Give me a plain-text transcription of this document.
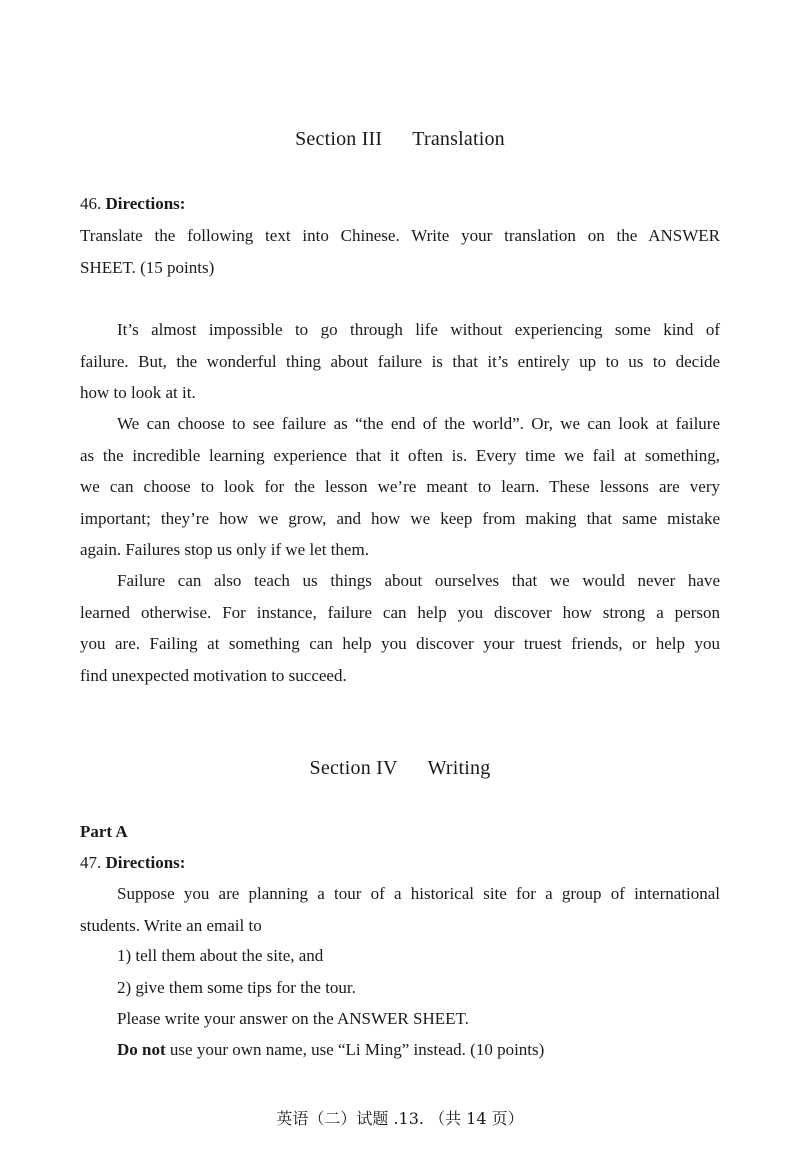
Section III Translation
46. Directions:
Translate the following text into Chinese. Write your translation on the ANSWER
SHEET. (15 points)
It’s almost impossible to go through life without experiencing some kind of
failure. But, the wonderful thing about failure is that it’s entirely up to us to decide
how to look at it.
We can choose to see failure as “the end of the world”. Or, we can look at failure
as the incredible learning experience that it often is. Every time we fail at something,
we can choose to look for the lesson we’re meant to learn. These lessons are very
important; they’re how we grow, and how we keep from making that same mistake
again. Failures stop us only if we let them.
Failure can also teach us things about ourselves that we would never have
learned otherwise. For instance, failure can help you discover how strong a person
you are. Failing at something can help you discover your truest friends, or help you
find unexpected motivation to succeed.
Section IV Writing
Part A
47. Directions:
Suppose you are planning a tour of a historical site for a group of international
students. Write an email to
1) tell them about the site, and
2) give them some tips for the tour.
Please write your answer on the ANSWER SHEET.
Do not use your own name, use “Li Ming” instead. (10 points)
英语（二）试题 .13. （共 14 页）
